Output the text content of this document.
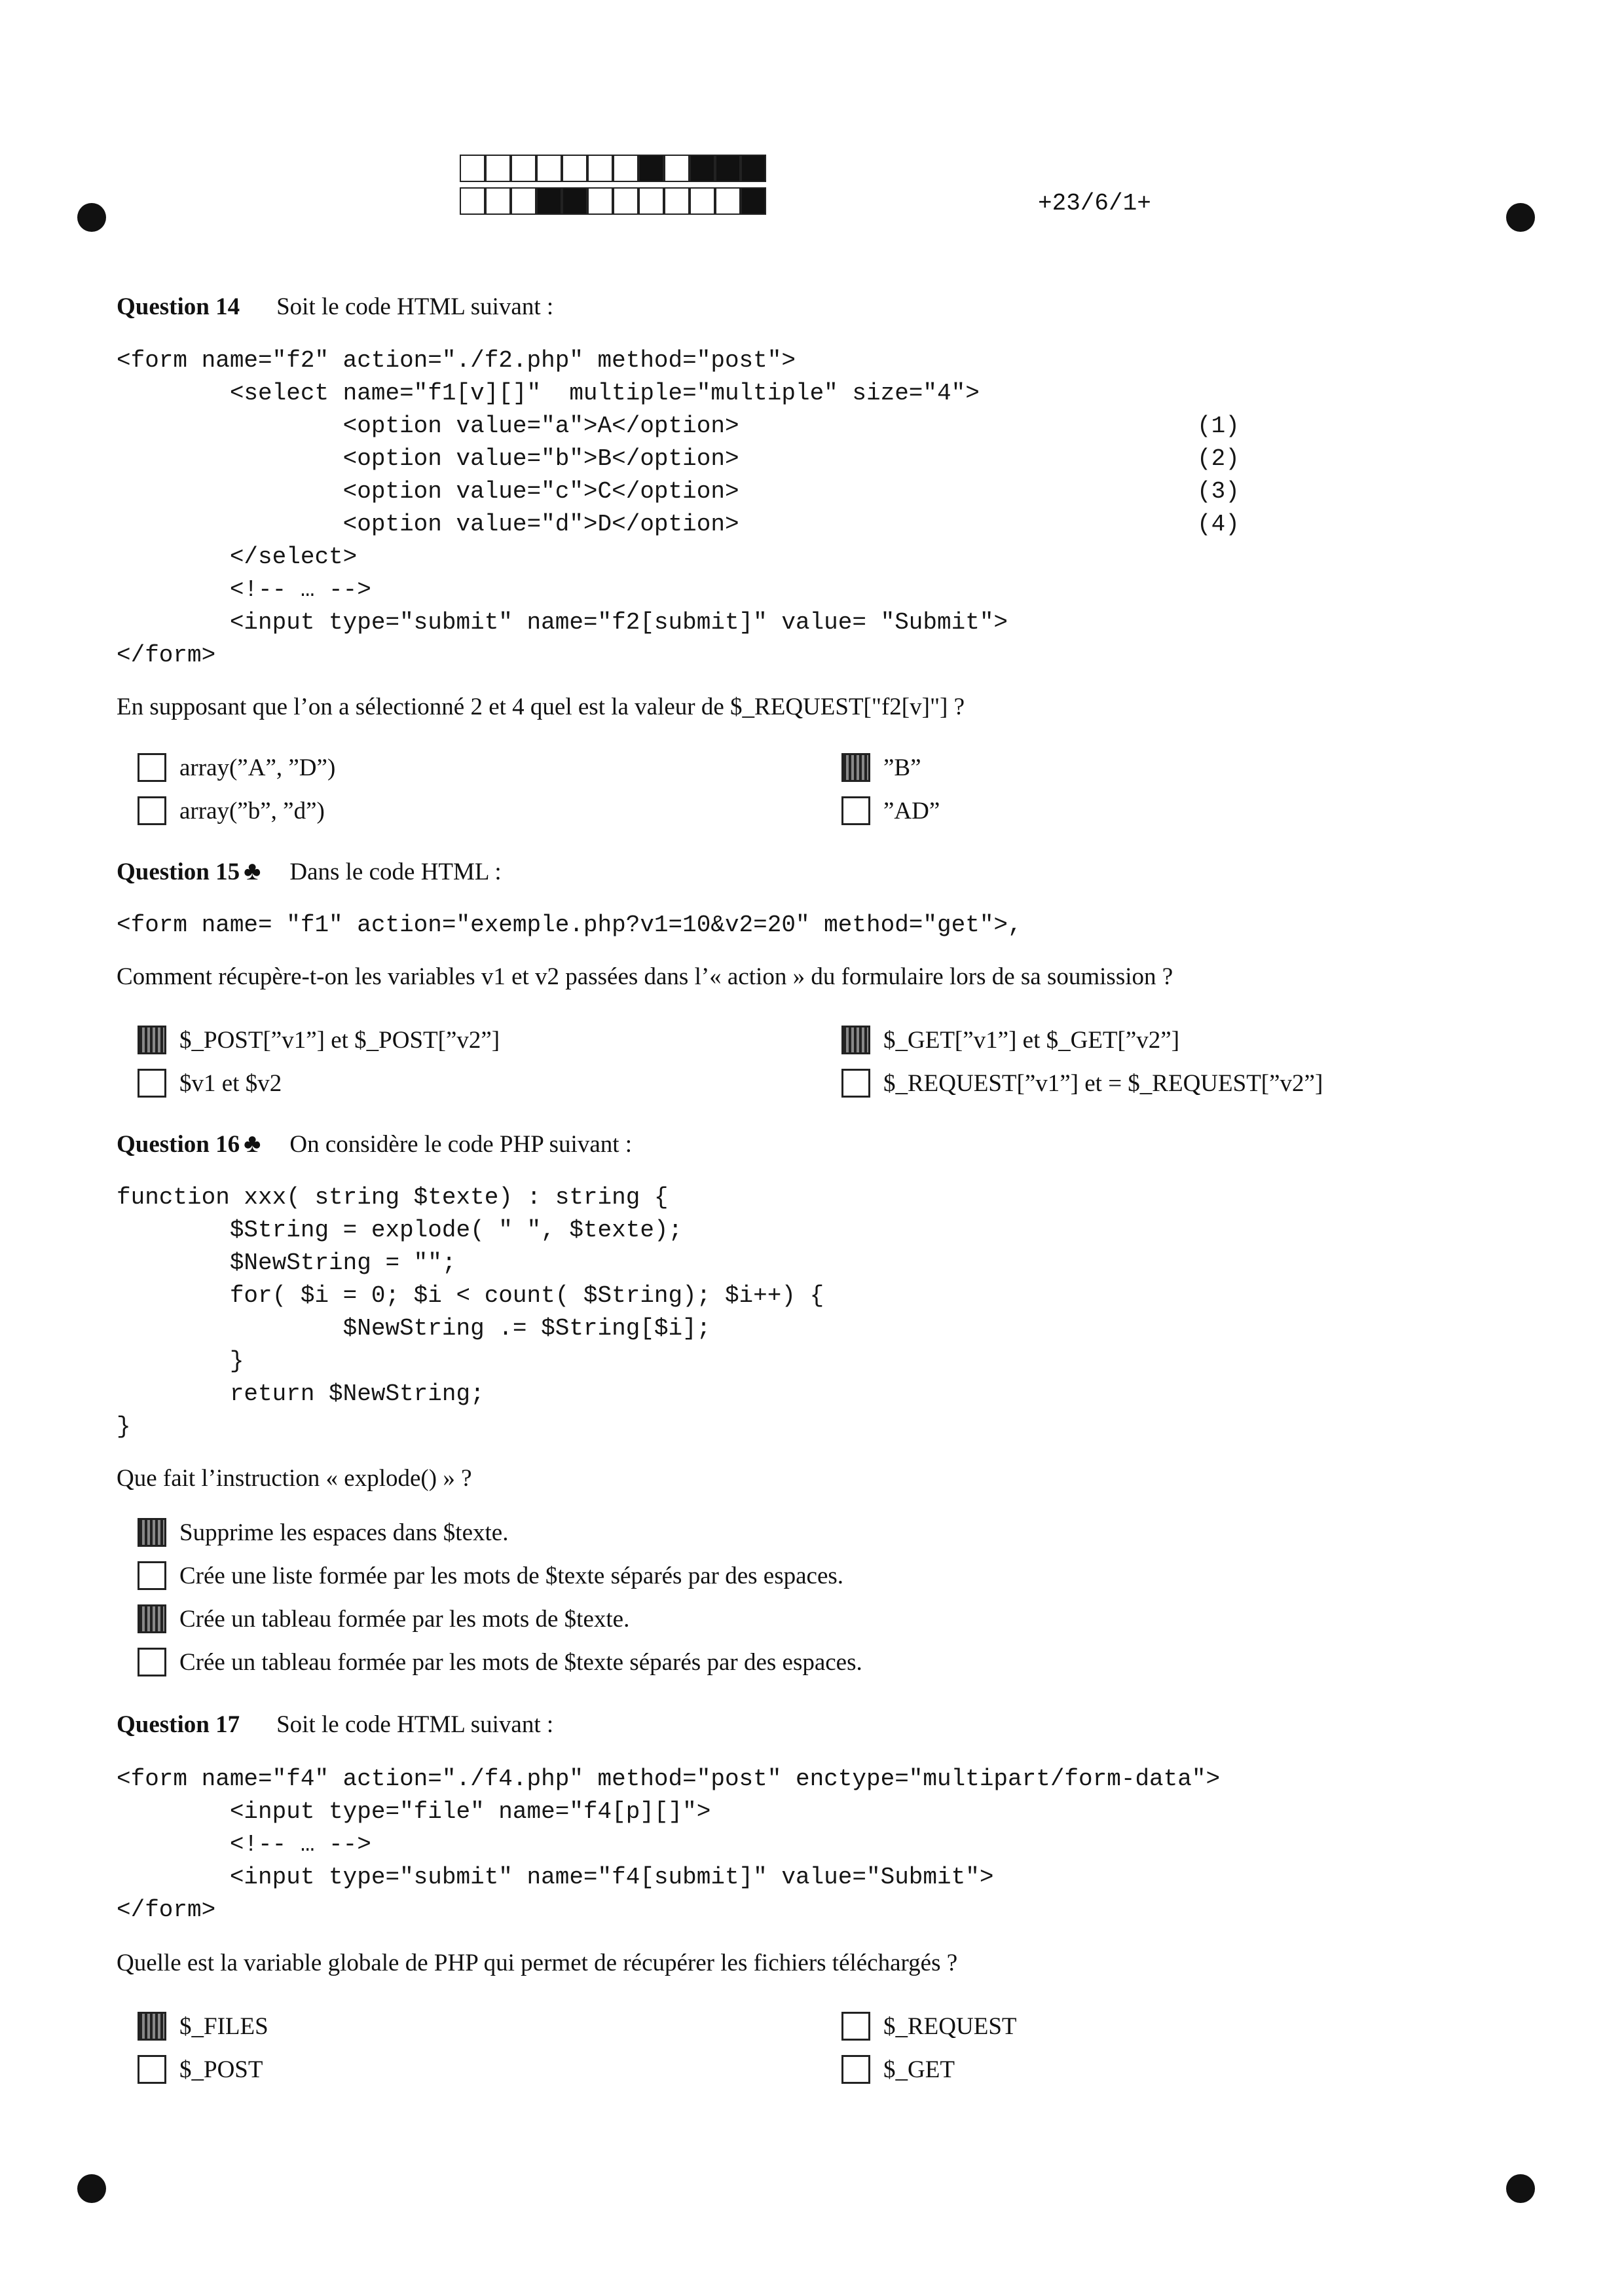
+23/6/1+
Question 14 Soit le code HTML suivant :
<form name="f2" action="./f2.php" method="post">
<select name="f1[v][]"  multiple="multiple" size="4">
<option value="a">A</option>	(1)
<option value="b">B</option>	(2)
<option value="c">C</option>	(3)
<option value="d">D</option>	(4)
</select>
<!-- … -->
<input type="submit" name="f2[submit]" value= "Submit">
</form>
En supposant que l’on a sélectionné 2 et 4 quel est la valeur de $_REQUEST["f2[v]"] ?
array(”A”, ”D”)
array(”b”, ”d”)
”B”
”AD”
Question 15 ♣ Dans le code HTML :
<form name= "f1" action="exemple.php?v1=10&v2=20" method="get">,
Comment récupère-t-on les variables v1 et v2 passées dans l’« action » du formulaire lors de sa soumission ?
$_POST[”v1”] et $_POST[”v2”]
$v1 et $v2
$_GET[”v1”] et $_GET[”v2”]
$_REQUEST[”v1”] et = $_REQUEST[”v2”]
Question 16 ♣ On considère le code PHP suivant :
function xxx( string $texte) : string {
$String = explode( " ", $texte);
$NewString = "";
for( $i = 0; $i < count( $String); $i++) {
$NewString .= $String[$i];
}
return $NewString;
}
Que fait l’instruction « explode() » ?
Supprime les espaces dans $texte.
Crée une liste formée par les mots de $texte séparés par des espaces.
Crée un tableau formée par les mots de $texte.
Crée un tableau formée par les mots de $texte séparés par des espaces.
Question 17 Soit le code HTML suivant :
<form name="f4" action="./f4.php" method="post" enctype="multipart/form-data">
<input type="file" name="f4[p][]">
<!-- … -->
<input type="submit" name="f4[submit]" value="Submit">
</form>
Quelle est la variable globale de PHP qui permet de récupérer les fichiers téléchargés ?
$_FILES
$_POST
$_REQUEST
$_GET
